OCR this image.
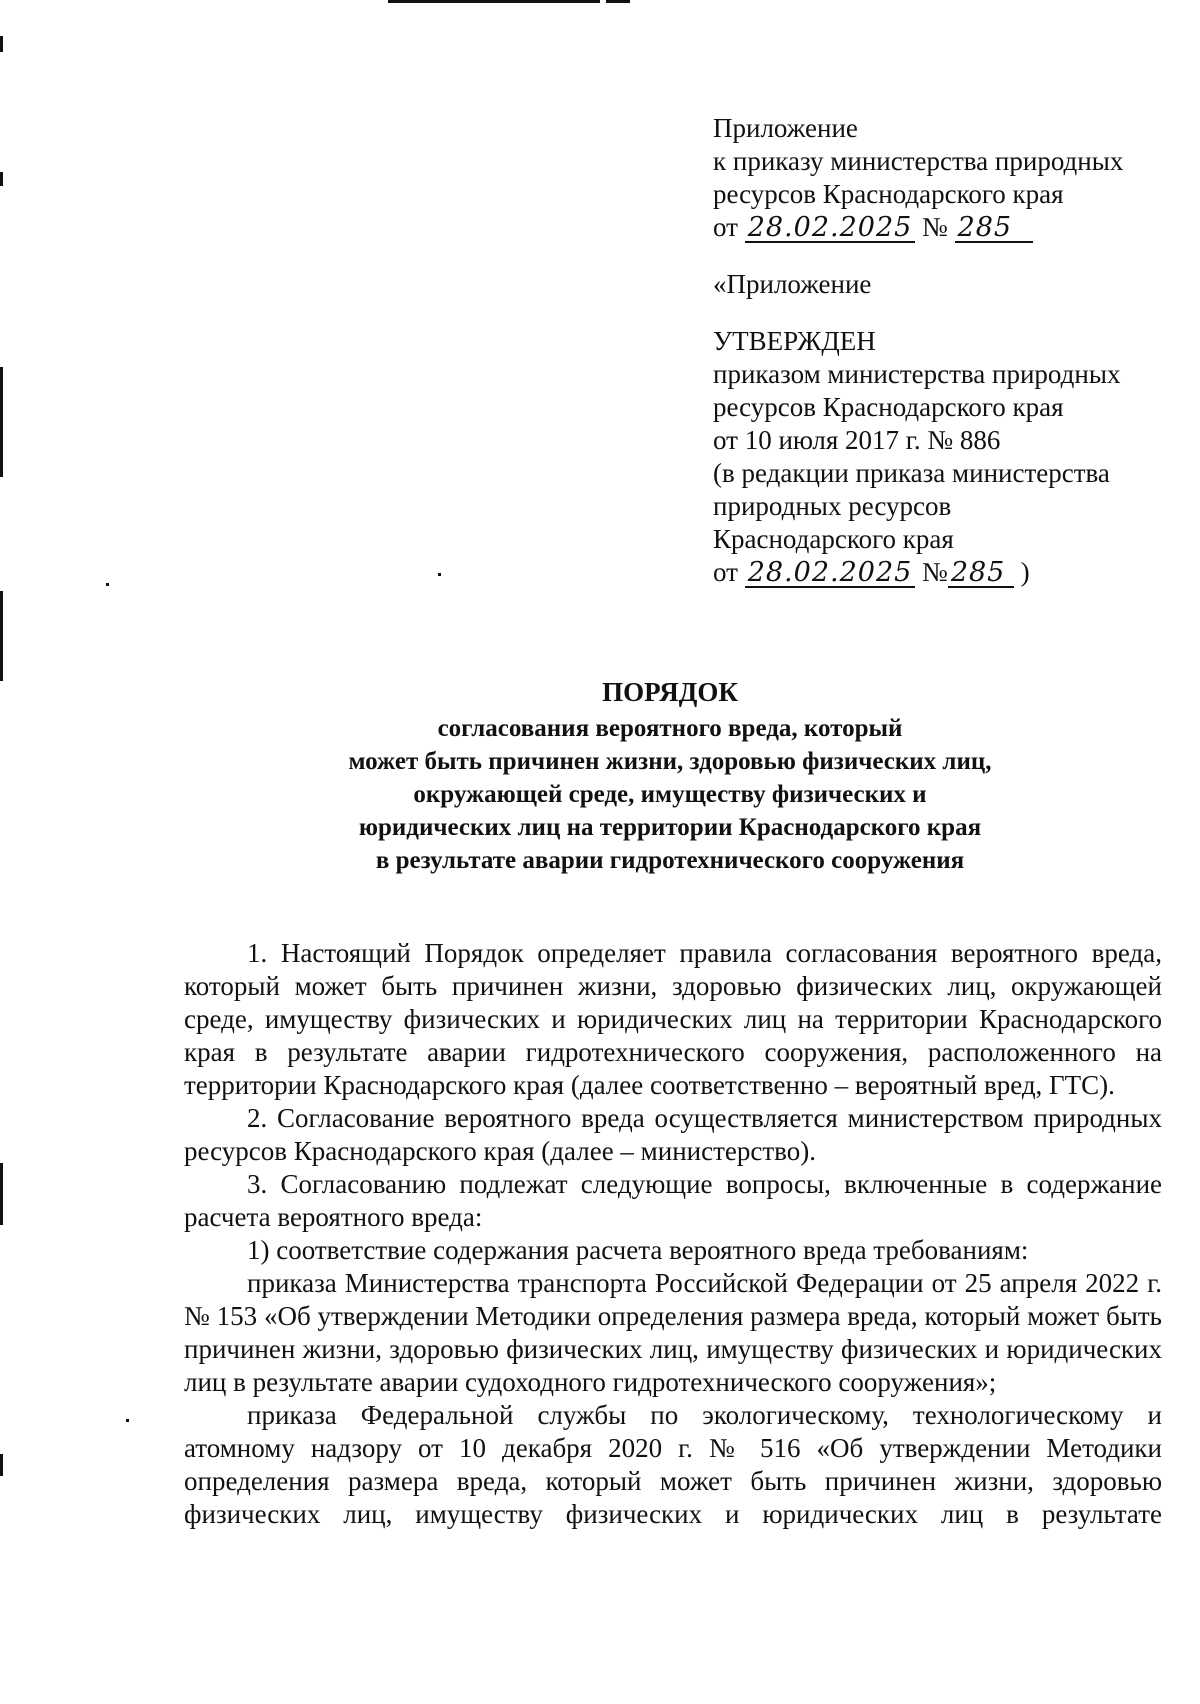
Приложение
к приказу министерства природных
ресурсов Краснодарского края
от 28.02.2025 № 285
«Приложение
УТВЕРЖДЕН
приказом министерства природных
ресурсов Краснодарского края
от 10 июля 2017 г. № 886
(в редакции приказа министерства
природных ресурсов
Краснодарского края
от 28.02.2025 № 285 )
ПОРЯДОК
согласования вероятного вреда, который
может быть причинен жизни, здоровью физических лиц,
окружающей среде, имуществу физических и
юридических лиц на территории Краснодарского края
в результате аварии гидротехнического сооружения

1. Настоящий Порядок определяет правила согласования вероятного вреда, который может быть причинен жизни, здоровью физических лиц, окружающей среде, имуществу физических и юридических лиц на территории Краснодарского края в результате аварии гидротехнического сооружения, расположенного на территории Краснодарского края (далее соответственно – вероятный вред, ГТС).

2. Согласование вероятного вреда осуществляется министерством природных ресурсов Краснодарского края (далее – министерство).

3. Согласованию подлежат следующие вопросы, включенные в содержание расчета вероятного вреда:

1) соответствие содержания расчета вероятного вреда требованиям:

приказа Министерства транспорта Российской Федерации от 25 апреля 2022 г. № 153 «Об утверждении Методики определения размера вреда, который может быть причинен жизни, здоровью физических лиц, имуществу физических и юридических лиц в результате аварии судоходного гидротехнического сооружения»;

приказа Федеральной службы по экологическому, технологическому и атомному надзору от 10 декабря 2020 г. № 516 «Об утверждении Методики определения размера вреда, который может быть причинен жизни, здоровью физических лиц, имуществу физических и юридических лиц в результате
